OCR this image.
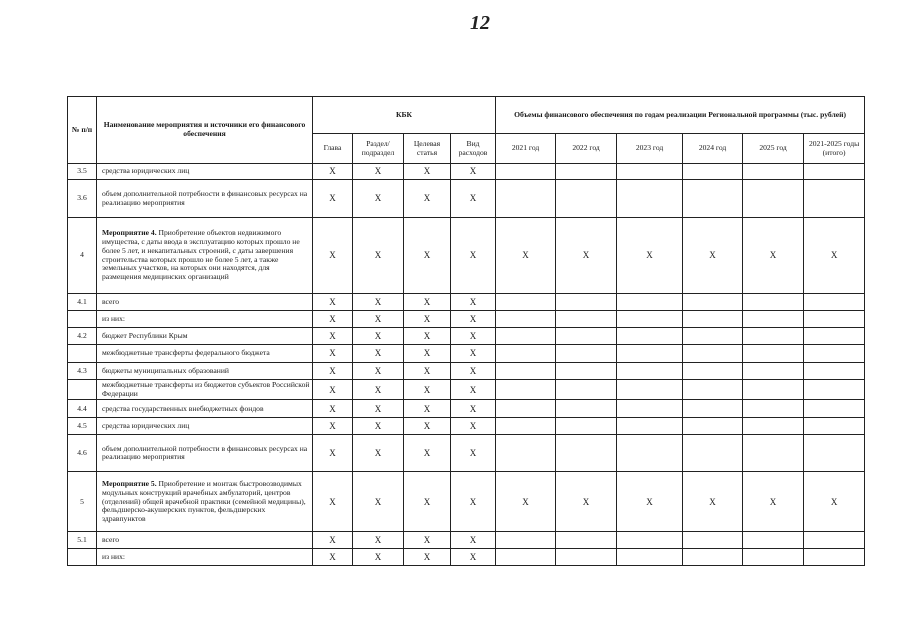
12
№ п/п	Наименование мероприятия и источники его финансового обеспечения	КБК				Объемы финансового обеспечения по годам реализации Региональной программы (тыс. рублей)					
		Глава	Раздел/ подраздел	Целевая статья	Вид расходов	2021 год	2022 год	2023 год	2024 год	2025 год	2021-2025 годы (итого)
3.5	средства юридических лиц	X	X	X	X						
3.6	объем дополнительной потребности в финансовых ресурсах на реализацию мероприятия	X	X	X	X						
4	Мероприятие 4. Приобретение объектов недвижимого имущества, с даты ввода в эксплуатацию которых прошло не более 5 лет, и некапитальных строений, с даты завершения строительства которых прошло не более 5 лет, а также земельных участков, на которых они находятся, для размещения медицинских организаций	X	X	X	X	X	X	X	X	X	X
4.1	всего	X	X	X	X						
	из них:	X	X	X	X						
4.2	бюджет Республики Крым	X	X	X	X						
	межбюджетные трансферты федерального бюджета	X	X	X	X						
4.3	бюджеты муниципальных образований	X	X	X	X						
	межбюджетные трансферты из бюджетов субъектов Российской Федерации	X	X	X	X						
4.4	средства государственных внебюджетных фондов	X	X	X	X						
4.5	средства юридических лиц	X	X	X	X						
4.6	объем дополнительной потребности в финансовых ресурсах на реализацию мероприятия	X	X	X	X						
5	Мероприятие 5. Приобретение и монтаж быстровозводимых модульных конструкций врачебных амбулаторий, центров (отделений) общей врачебной практики (семейной медицины), фельдшерско-акушерских пунктов, фельдшерских здравпунктов	X	X	X	X	X	X	X	X	X	X
5.1	всего	X	X	X	X						
	из них:	X	X	X	X						
